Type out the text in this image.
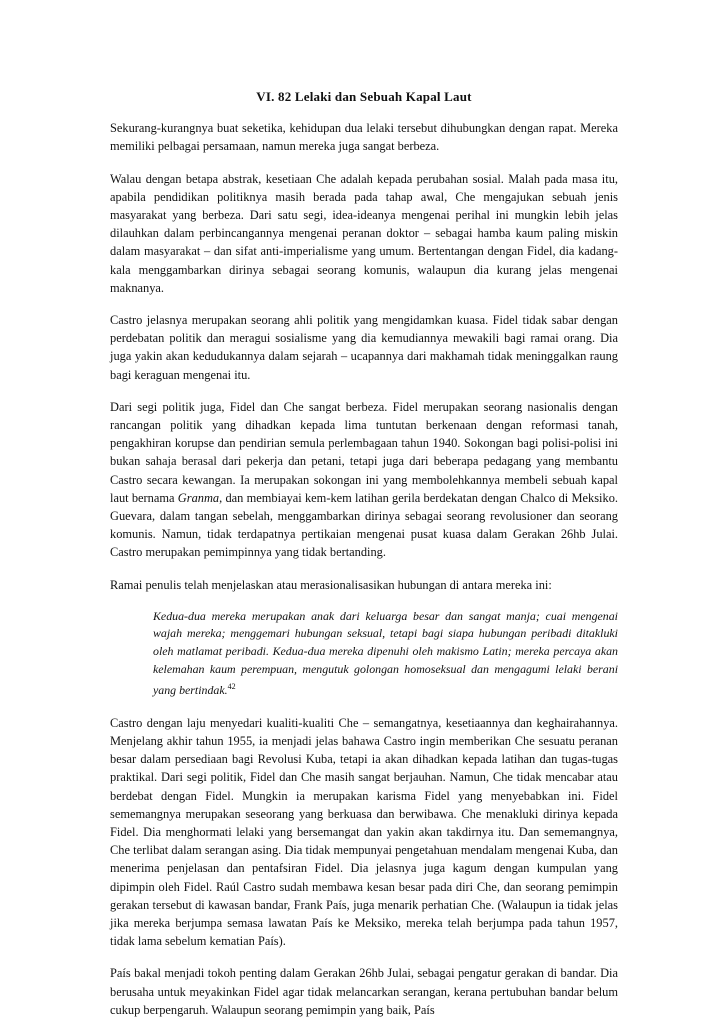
VI. 82 Lelaki dan Sebuah Kapal Laut

Sekurang-kurangnya buat seketika, kehidupan dua lelaki tersebut dihubungkan dengan rapat. Mereka memiliki pelbagai persamaan, namun mereka juga sangat berbeza.

Walau dengan betapa abstrak, kesetiaan Che adalah kepada perubahan sosial. Malah pada masa itu, apabila pendidikan politiknya masih berada pada tahap awal, Che mengajukan sebuah jenis masyarakat yang berbeza. Dari satu segi, idea-ideanya mengenai perihal ini mungkin lebih jelas dilauhkan dalam perbincangannya mengenai peranan doktor – sebagai hamba kaum paling miskin dalam masyarakat – dan sifat anti-imperialisme yang umum. Bertentangan dengan Fidel, dia kadang-kala menggambarkan dirinya sebagai seorang komunis, walaupun dia kurang jelas mengenai maknanya.

Castro jelasnya merupakan seorang ahli politik yang mengidamkan kuasa. Fidel tidak sabar dengan perdebatan politik dan meragui sosialisme yang dia kemudiannya mewakili bagi ramai orang. Dia juga yakin akan kedudukannya dalam sejarah – ucapannya dari makhamah tidak meninggalkan raung bagi keraguan mengenai itu.

Dari segi politik juga, Fidel dan Che sangat berbeza. Fidel merupakan seorang nasionalis dengan rancangan politik yang dihadkan kepada lima tuntutan berkenaan dengan reformasi tanah, pengakhiran korupse dan pendirian semula perlembagaan tahun 1940. Sokongan bagi polisi-polisi ini bukan sahaja berasal dari pekerja dan petani, tetapi juga dari beberapa pedagang yang membantu Castro secara kewangan. Ia merupakan sokongan ini yang membolehkannya membeli sebuah kapal laut bernama Granma, dan membiayai kem-kem latihan gerila berdekatan dengan Chalco di Meksiko. Guevara, dalam tangan sebelah, menggambarkan dirinya sebagai seorang revolusioner dan seorang komunis. Namun, tidak terdapatnya pertikaian mengenai pusat kuasa dalam Gerakan 26hb Julai. Castro merupakan pemimpinnya yang tidak bertanding.

Ramai penulis telah menjelaskan atau merasionalisasikan hubungan di antara mereka ini:

Kedua-dua mereka merupakan anak dari keluarga besar dan sangat manja; cuai mengenai wajah mereka; menggemari hubungan seksual, tetapi bagi siapa hubungan peribadi ditakluki oleh matlamat peribadi. Kedua-dua mereka dipenuhi oleh makismo Latin; mereka percaya akan kelemahan kaum perempuan, mengutuk golongan homoseksual dan mengagumi lelaki berani yang bertindak.$^{42}$

Castro dengan laju menyedari kualiti-kualiti Che – semangatnya, kesetiaannya dan keghairahannya. Menjelang akhir tahun 1955, ia menjadi jelas bahawa Castro ingin memberikan Che sesuatu peranan besar dalam persediaan bagi Revolusi Kuba, tetapi ia akan dihadkan kepada latihan dan tugas-tugas praktikal. Dari segi politik, Fidel dan Che masih sangat berjauhan. Namun, Che tidak mencabar atau berdebat dengan Fidel. Mungkin ia merupakan karisma Fidel yang menyebabkan ini. Fidel sememangnya merupakan seseorang yang berkuasa dan berwibawa. Che menakluki dirinya kepada Fidel. Dia menghormati lelaki yang bersemangat dan yakin akan takdirnya itu. Dan sememangnya, Che terlibat dalam serangan asing. Dia tidak mempunyai pengetahuan mendalam mengenai Kuba, dan menerima penjelasan dan pentafsiran Fidel. Dia jelasnya juga kagum dengan kumpulan yang dipimpin oleh Fidel. Raúl Castro sudah membawa kesan besar pada diri Che, dan seorang pemimpin gerakan tersebut di kawasan bandar, Frank País, juga menarik perhatian Che. (Walaupun ia tidak jelas jika mereka berjumpa semasa lawatan País ke Meksiko, mereka telah berjumpa pada tahun 1957, tidak lama sebelum kematian País).

País bakal menjadi tokoh penting dalam Gerakan 26hb Julai, sebagai pengatur gerakan di bandar. Dia berusaha untuk meyakinkan Fidel agar tidak melancarkan serangan, kerana pertubuhan bandar belum cukup berpengaruh. Walaupun seorang pemimpin yang baik, País
